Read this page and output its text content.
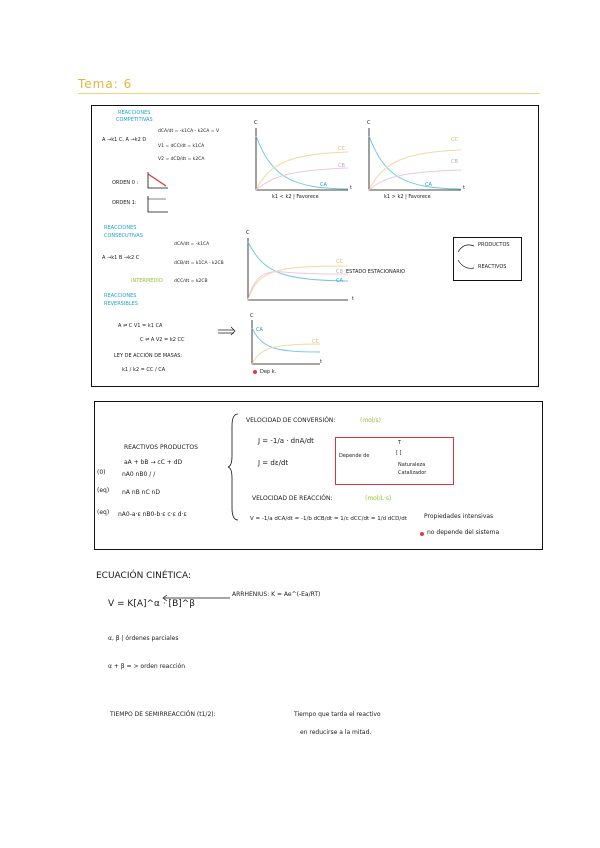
Tema: 6
REACCIONES
COMPETITIVAS
A →k1 C, A →k2 D
dCA/dt = -k1CA - k2CA = V
V1 = dCC/dt = k1CA
V2 = dCD/dt = k2CA
ORDEN 0 :
ORDEN 1:
C
t
CC
CB
CA
k1 < k2 | Favorece
C
t
CC
CB
CA
k1 > k2 | Favorece
REACCIONES
CONSECUTIVAS
A →k1 B →k2 C
dCA/dt = -k1CA
dCB/dt = k1CA - k2CB
dCC/dt = k2CB
INTERMEDIO
C
t
CC
CB
CA
ESTADO ESTACIONARIO
PRODUCTOS
REACTIVOS
REACCIONES
REVERSIBLES
A ⇌ C V1 = k1 CA
C ⇌ A V2 = k2 CC
LEY DE ACCIÓN DE MASAS:
k1 / k2 = CC / CA
C
t
CA
CC
Dep k.
REACTIVOS PRODUCTOS
aA + bB → cC + dD
(0)	nA0 nB0 / /
(eq) nA nB nC nD
(eq) nA0-a·ε nB0-b·ε c·ε d·ε
VELOCIDAD DE CONVERSIÓN:	(mol/s)
J = -1/a · dnA/dt
J = dε/dt
Depende de
T
[ ]
Naturaleza
Catalizador
VELOCIDAD DE REACCIÓN:	(mol/L·s)
V = -1/a dCA/dt = -1/b dCB/dt = 1/c dCC/dt = 1/d dCD/dt	Propiedades intensivas
no depende del sistema
ECUACIÓN CINÉTICA:
ARRHENIUS: K = Ae^(-Ea/RT)
V = K[A]^α · [B]^β
α, β | órdenes parciales
α + β = > orden reacción
TIEMPO DE SEMIRREACCIÓN (t1/2):	Tiempo que tarda el reactivo
en reducirse a la mitad.
